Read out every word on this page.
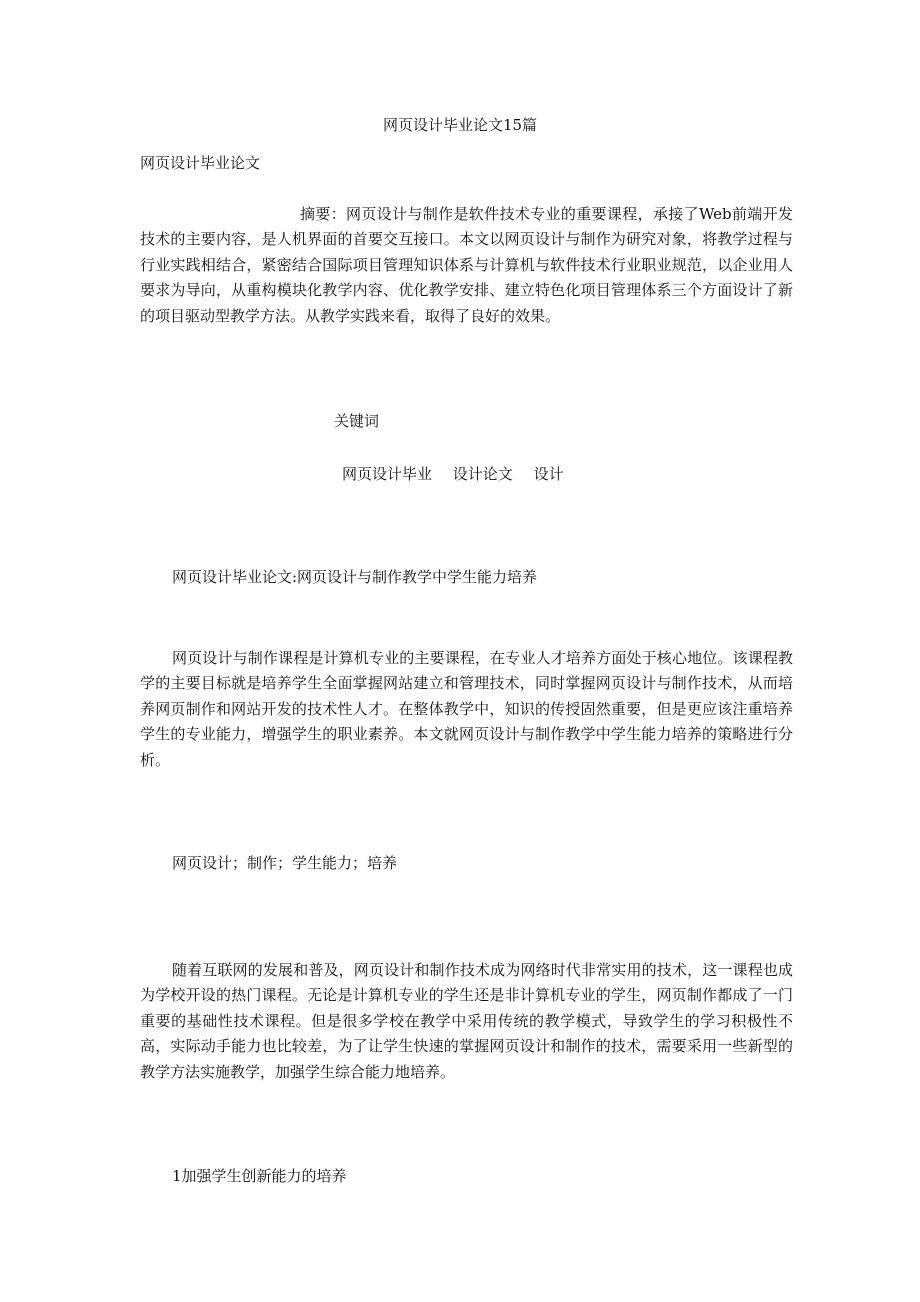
网页设计毕业论文15篇

网页设计毕业论文

摘要：网页设计与制作是软件技术专业的重要课程，承接了Web前端开发技术的主要内容，是人机界面的首要交互接口。本文以网页设计与制作为研究对象，将教学过程与行业实践相结合，紧密结合国际项目管理知识体系与计算机与软件技术行业职业规范，以企业用人要求为导向，从重构模块化教学内容、优化教学安排、建立特色化项目管理体系三个方面设计了新的项目驱动型教学方法。从教学实践来看，取得了良好的效果。

关键词

网页设计毕业 设计论文 设计

网页设计毕业论文:网页设计与制作教学中学生能力培养

网页设计与制作课程是计算机专业的主要课程，在专业人才培养方面处于核心地位。该课程教学的主要目标就是培养学生全面掌握网站建立和管理技术，同时掌握网页设计与制作技术，从而培养网页制作和网站开发的技术性人才。在整体教学中，知识的传授固然重要，但是更应该注重培养学生的专业能力，增强学生的职业素养。本文就网页设计与制作教学中学生能力培养的策略进行分析。

网页设计；制作；学生能力；培养

随着互联网的发展和普及，网页设计和制作技术成为网络时代非常实用的技术，这一课程也成为学校开设的热门课程。无论是计算机专业的学生还是非计算机专业的学生，网页制作都成了一门重要的基础性技术课程。但是很多学校在教学中采用传统的教学模式，导致学生的学习积极性不高，实际动手能力也比较差，为了让学生快速的掌握网页设计和制作的技术，需要采用一些新型的教学方法实施教学，加强学生综合能力地培养。

1加强学生创新能力的培养
